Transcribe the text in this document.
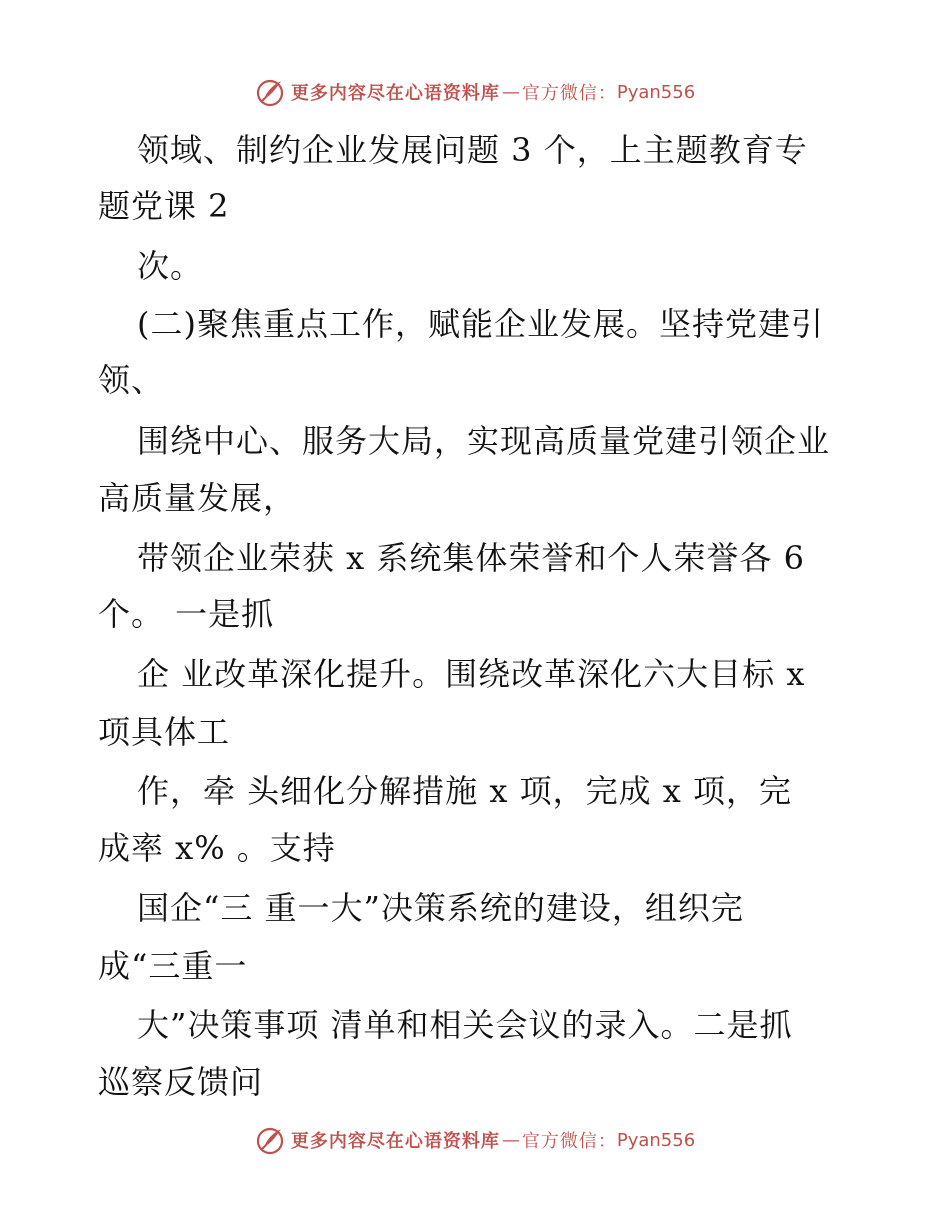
更多内容尽在心语资料库 — 官方微信： Pyan556
领域、制约企业发展问题 3 个，上主题教育专
题党课 2
次。
(二)聚焦重点工作，赋能企业发展。坚持党建引
领、
围绕中心、服务大局，实现高质量党建引领企业
高质量发展，
带领企业荣获 x 系统集体荣誉和个人荣誉各 6
个。 一是抓
企 业改革深化提升。围绕改革深化六大目标 x
项具体工
作，牵 头细化分解措施 x 项，完成 x 项，完
成率 x% 。支持
国企“三 重一大”决策系统的建设，组织完
成“三重一
大”决策事项 清单和相关会议的录入。二是抓
巡察反馈问
更多内容尽在心语资料库 — 官方微信： Pyan556
